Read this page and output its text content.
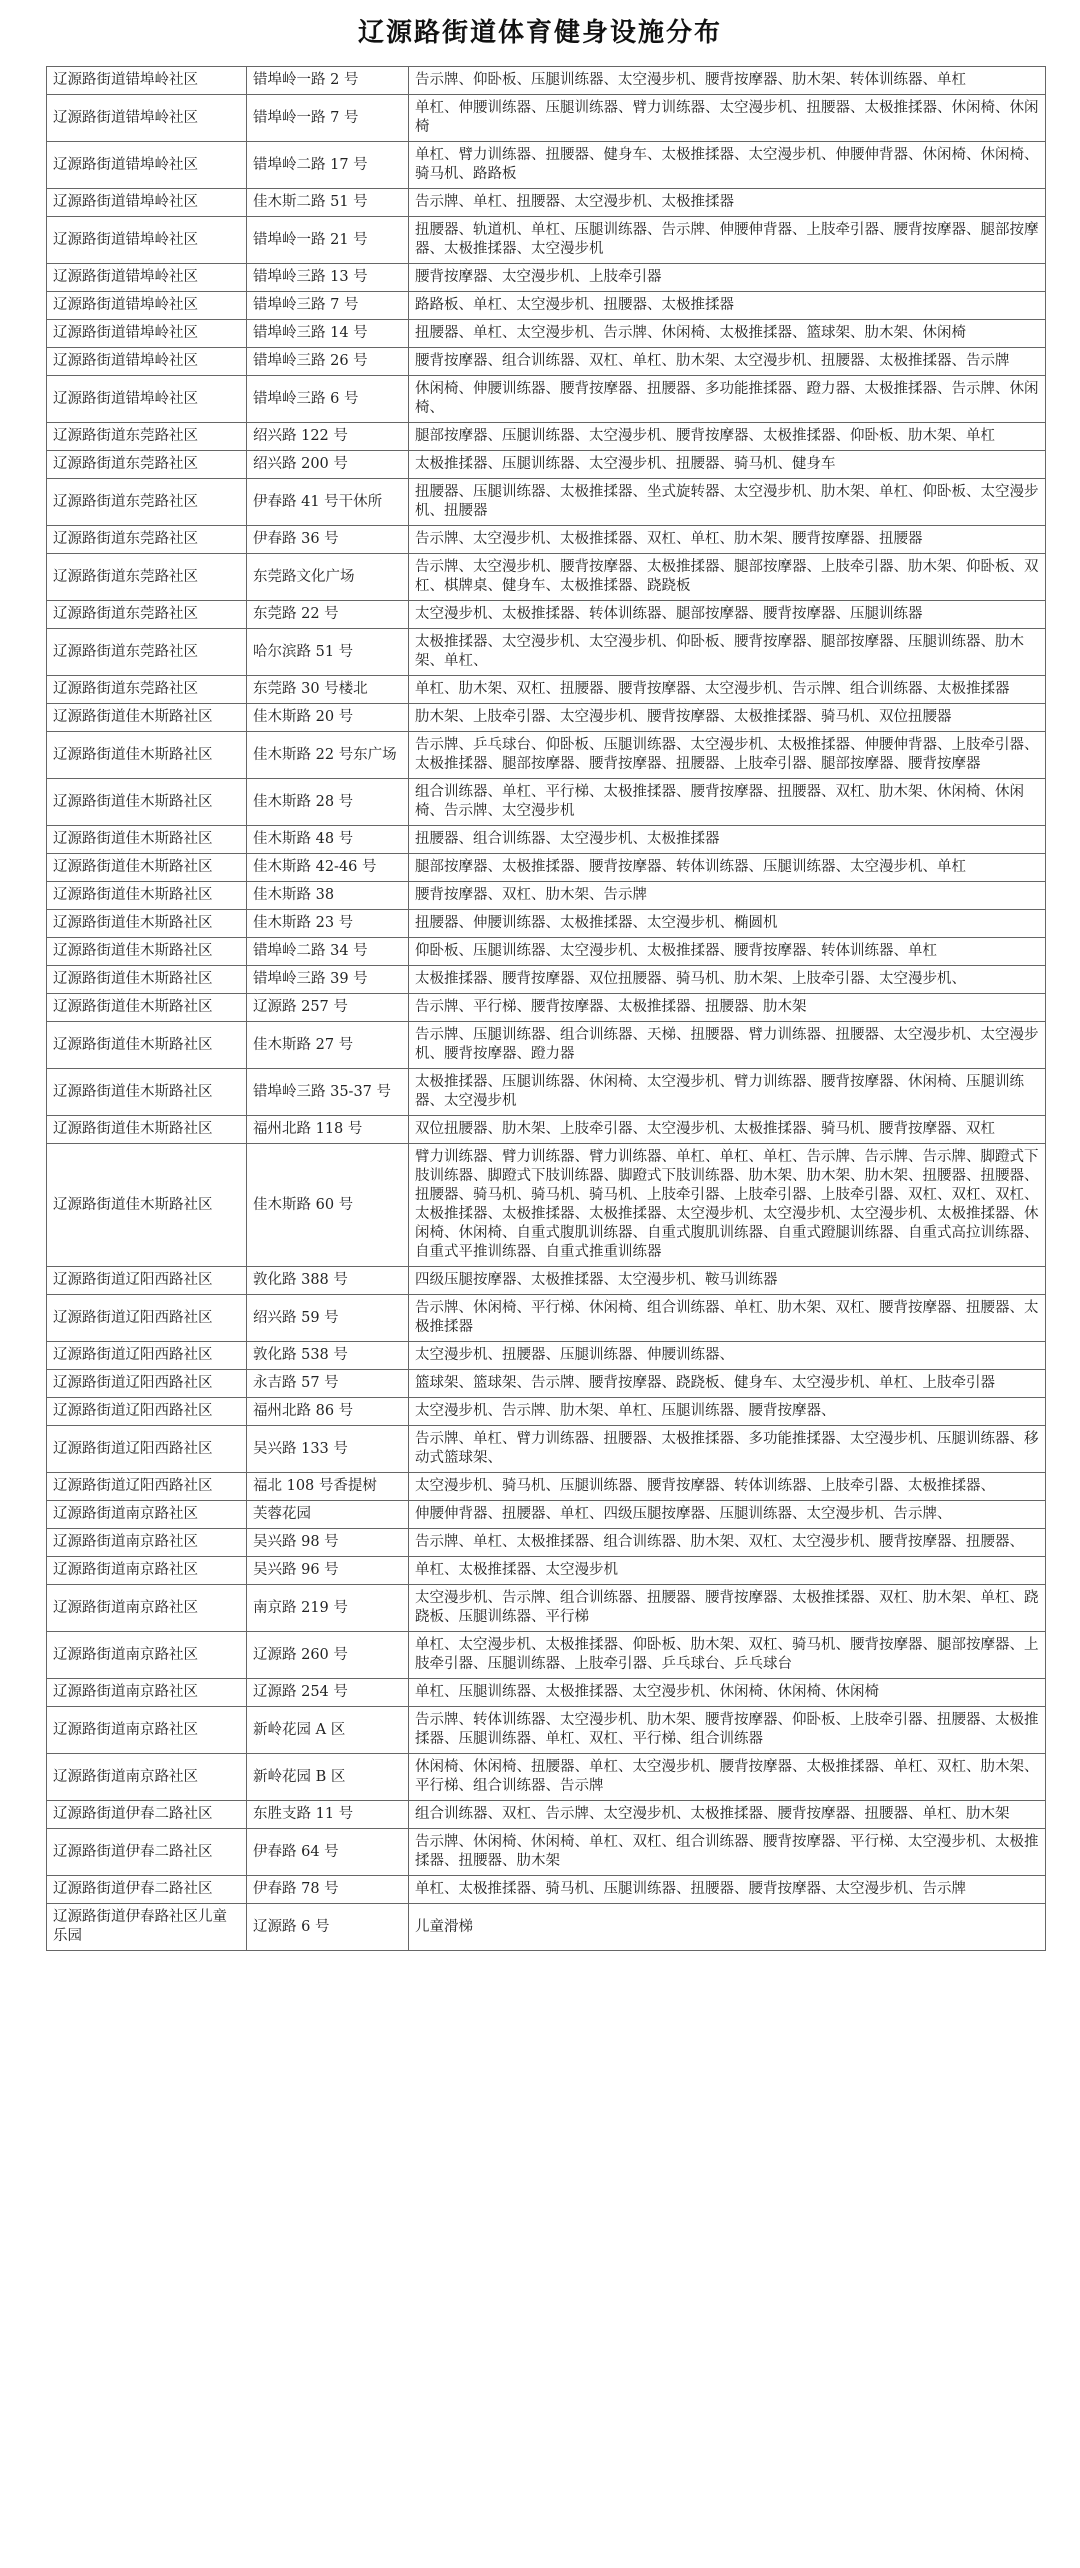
辽源路街道体育健身设施分布
辽源路街道错埠岭社区	错埠岭一路 2 号	告示牌、仰卧板、压腿训练器、太空漫步机、腰背按摩器、肋木架、转体训练器、单杠
辽源路街道错埠岭社区	错埠岭一路 7 号	单杠、伸腰训练器、压腿训练器、臂力训练器、太空漫步机、扭腰器、太极推揉器、休闲椅、休闲椅
辽源路街道错埠岭社区	错埠岭二路 17 号	单杠、臂力训练器、扭腰器、健身车、太极推揉器、太空漫步机、伸腰伸背器、休闲椅、休闲椅、骑马机、路路板
辽源路街道错埠岭社区	佳木斯二路 51 号	告示牌、单杠、扭腰器、太空漫步机、太极推揉器
辽源路街道错埠岭社区	错埠岭一路 21 号	扭腰器、轨道机、单杠、压腿训练器、告示牌、伸腰伸背器、上肢牵引器、腰背按摩器、腿部按摩器、太极推揉器、太空漫步机
辽源路街道错埠岭社区	错埠岭三路 13 号	腰背按摩器、太空漫步机、上肢牵引器
辽源路街道错埠岭社区	错埠岭三路 7 号	路路板、单杠、太空漫步机、扭腰器、太极推揉器
辽源路街道错埠岭社区	错埠岭三路 14 号	扭腰器、单杠、太空漫步机、告示牌、休闲椅、太极推揉器、篮球架、肋木架、休闲椅
辽源路街道错埠岭社区	错埠岭三路 26 号	腰背按摩器、组合训练器、双杠、单杠、肋木架、太空漫步机、扭腰器、太极推揉器、告示牌
辽源路街道错埠岭社区	错埠岭三路 6 号	休闲椅、伸腰训练器、腰背按摩器、扭腰器、多功能推揉器、蹬力器、太极推揉器、告示牌、休闲椅、
辽源路街道东莞路社区	绍兴路 122 号	腿部按摩器、压腿训练器、太空漫步机、腰背按摩器、太极推揉器、仰卧板、肋木架、单杠
辽源路街道东莞路社区	绍兴路 200 号	太极推揉器、压腿训练器、太空漫步机、扭腰器、骑马机、健身车
辽源路街道东莞路社区	伊春路 41 号干休所	扭腰器、压腿训练器、太极推揉器、坐式旋转器、太空漫步机、肋木架、单杠、仰卧板、太空漫步机、扭腰器
辽源路街道东莞路社区	伊春路 36 号	告示牌、太空漫步机、太极推揉器、双杠、单杠、肋木架、腰背按摩器、扭腰器
辽源路街道东莞路社区	东莞路文化广场	告示牌、太空漫步机、腰背按摩器、太极推揉器、腿部按摩器、上肢牵引器、肋木架、仰卧板、双杠、棋牌桌、健身车、太极推揉器、跷跷板
辽源路街道东莞路社区	东莞路 22 号	太空漫步机、太极推揉器、转体训练器、腿部按摩器、腰背按摩器、压腿训练器
辽源路街道东莞路社区	哈尔滨路 51 号	太极推揉器、太空漫步机、太空漫步机、仰卧板、腰背按摩器、腿部按摩器、压腿训练器、肋木架、单杠、
辽源路街道东莞路社区	东莞路 30 号楼北	单杠、肋木架、双杠、扭腰器、腰背按摩器、太空漫步机、告示牌、组合训练器、太极推揉器
辽源路街道佳木斯路社区	佳木斯路 20 号	肋木架、上肢牵引器、太空漫步机、腰背按摩器、太极推揉器、骑马机、双位扭腰器
辽源路街道佳木斯路社区	佳木斯路 22 号东广场	告示牌、乒乓球台、仰卧板、压腿训练器、太空漫步机、太极推揉器、伸腰伸背器、上肢牵引器、太极推揉器、腿部按摩器、腰背按摩器、扭腰器、上肢牵引器、腿部按摩器、腰背按摩器
辽源路街道佳木斯路社区	佳木斯路 28 号	组合训练器、单杠、平行梯、太极推揉器、腰背按摩器、扭腰器、双杠、肋木架、休闲椅、休闲椅、告示牌、太空漫步机
辽源路街道佳木斯路社区	佳木斯路 48 号	扭腰器、组合训练器、太空漫步机、太极推揉器
辽源路街道佳木斯路社区	佳木斯路 42-46 号	腿部按摩器、太极推揉器、腰背按摩器、转体训练器、压腿训练器、太空漫步机、单杠
辽源路街道佳木斯路社区	佳木斯路 38	腰背按摩器、双杠、肋木架、告示牌
辽源路街道佳木斯路社区	佳木斯路 23 号	扭腰器、伸腰训练器、太极推揉器、太空漫步机、椭圆机
辽源路街道佳木斯路社区	错埠岭二路 34 号	仰卧板、压腿训练器、太空漫步机、太极推揉器、腰背按摩器、转体训练器、单杠
辽源路街道佳木斯路社区	错埠岭三路 39 号	太极推揉器、腰背按摩器、双位扭腰器、骑马机、肋木架、上肢牵引器、太空漫步机、
辽源路街道佳木斯路社区	辽源路 257 号	告示牌、平行梯、腰背按摩器、太极推揉器、扭腰器、肋木架
辽源路街道佳木斯路社区	佳木斯路 27 号	告示牌、压腿训练器、组合训练器、天梯、扭腰器、臂力训练器、扭腰器、太空漫步机、太空漫步机、腰背按摩器、蹬力器
辽源路街道佳木斯路社区	错埠岭三路 35-37 号	太极推揉器、压腿训练器、休闲椅、太空漫步机、臂力训练器、腰背按摩器、休闲椅、压腿训练器、太空漫步机
辽源路街道佳木斯路社区	福州北路 118 号	双位扭腰器、肋木架、上肢牵引器、太空漫步机、太极推揉器、骑马机、腰背按摩器、双杠
辽源路街道佳木斯路社区	佳木斯路 60 号	臂力训练器、臂力训练器、臂力训练器、单杠、单杠、单杠、告示牌、告示牌、告示牌、脚蹬式下肢训练器、脚蹬式下肢训练器、脚蹬式下肢训练器、肋木架、肋木架、肋木架、扭腰器、扭腰器、扭腰器、骑马机、骑马机、骑马机、上肢牵引器、上肢牵引器、上肢牵引器、双杠、双杠、双杠、太极推揉器、太极推揉器、太极推揉器、太空漫步机、太空漫步机、太空漫步机、太极推揉器、休闲椅、休闲椅、自重式腹肌训练器、自重式腹肌训练器、自重式蹬腿训练器、自重式高拉训练器、自重式平推训练器、自重式推重训练器
辽源路街道辽阳西路社区	敦化路 388 号	四级压腿按摩器、太极推揉器、太空漫步机、鞍马训练器
辽源路街道辽阳西路社区	绍兴路 59 号	告示牌、休闲椅、平行梯、休闲椅、组合训练器、单杠、肋木架、双杠、腰背按摩器、扭腰器、太极推揉器
辽源路街道辽阳西路社区	敦化路 538 号	太空漫步机、扭腰器、压腿训练器、伸腰训练器、
辽源路街道辽阳西路社区	永吉路 57 号	篮球架、篮球架、告示牌、腰背按摩器、跷跷板、健身车、太空漫步机、单杠、上肢牵引器
辽源路街道辽阳西路社区	福州北路 86 号	太空漫步机、告示牌、肋木架、单杠、压腿训练器、腰背按摩器、
辽源路街道辽阳西路社区	吴兴路 133 号	告示牌、单杠、臂力训练器、扭腰器、太极推揉器、多功能推揉器、太空漫步机、压腿训练器、移动式篮球架、
辽源路街道辽阳西路社区	福北 108 号香提树	太空漫步机、骑马机、压腿训练器、腰背按摩器、转体训练器、上肢牵引器、太极推揉器、
辽源路街道南京路社区	芙蓉花园	伸腰伸背器、扭腰器、单杠、四级压腿按摩器、压腿训练器、太空漫步机、告示牌、
辽源路街道南京路社区	吴兴路 98 号	告示牌、单杠、太极推揉器、组合训练器、肋木架、双杠、太空漫步机、腰背按摩器、扭腰器、
辽源路街道南京路社区	吴兴路 96 号	单杠、太极推揉器、太空漫步机
辽源路街道南京路社区	南京路 219 号	太空漫步机、告示牌、组合训练器、扭腰器、腰背按摩器、太极推揉器、双杠、肋木架、单杠、跷跷板、压腿训练器、平行梯
辽源路街道南京路社区	辽源路 260 号	单杠、太空漫步机、太极推揉器、仰卧板、肋木架、双杠、骑马机、腰背按摩器、腿部按摩器、上肢牵引器、压腿训练器、上肢牵引器、乒乓球台、乒乓球台
辽源路街道南京路社区	辽源路 254 号	单杠、压腿训练器、太极推揉器、太空漫步机、休闲椅、休闲椅、休闲椅
辽源路街道南京路社区	新岭花园 A 区	告示牌、转体训练器、太空漫步机、肋木架、腰背按摩器、仰卧板、上肢牵引器、扭腰器、太极推揉器、压腿训练器、单杠、双杠、平行梯、组合训练器
辽源路街道南京路社区	新岭花园 B 区	休闲椅、休闲椅、扭腰器、单杠、太空漫步机、腰背按摩器、太极推揉器、单杠、双杠、肋木架、平行梯、组合训练器、告示牌
辽源路街道伊春二路社区	东胜支路 11 号	组合训练器、双杠、告示牌、太空漫步机、太极推揉器、腰背按摩器、扭腰器、单杠、肋木架
辽源路街道伊春二路社区	伊春路 64 号	告示牌、休闲椅、休闲椅、单杠、双杠、组合训练器、腰背按摩器、平行梯、太空漫步机、太极推揉器、扭腰器、肋木架
辽源路街道伊春二路社区	伊春路 78 号	单杠、太极推揉器、骑马机、压腿训练器、扭腰器、腰背按摩器、太空漫步机、告示牌
辽源路街道伊春路社区儿童乐园	辽源路 6 号	儿童滑梯
